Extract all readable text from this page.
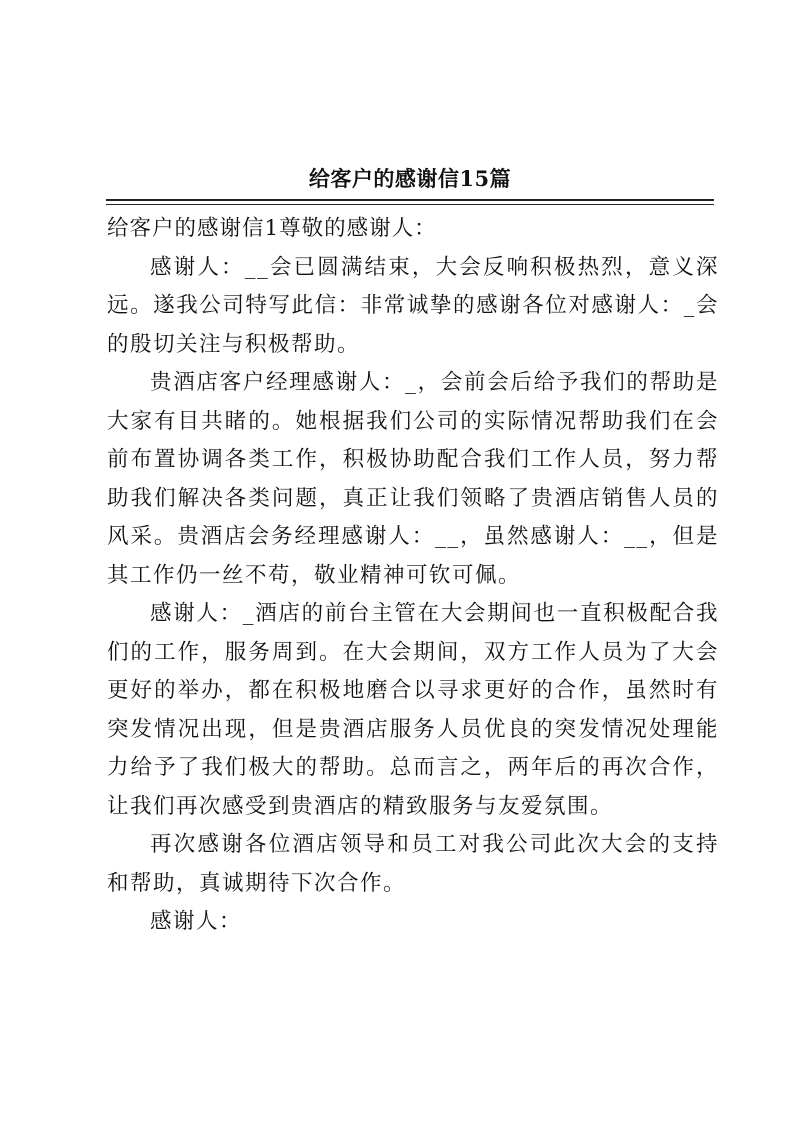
给客户的感谢信15篇

给客户的感谢信1尊敬的感谢人：

感谢人：__会已圆满结束，大会反响积极热烈，意义深远。遂我公司特写此信：非常诚挚的感谢各位对感谢人：_会的殷切关注与积极帮助。

贵酒店客户经理感谢人：_，会前会后给予我们的帮助是大家有目共睹的。她根据我们公司的实际情况帮助我们在会前布置协调各类工作，积极协助配合我们工作人员，努力帮助我们解决各类问题，真正让我们领略了贵酒店销售人员的风采。贵酒店会务经理感谢人：__，虽然感谢人：__，但是其工作仍一丝不苟，敬业精神可钦可佩。

感谢人：_酒店的前台主管在大会期间也一直积极配合我们的工作，服务周到。在大会期间，双方工作人员为了大会更好的举办，都在积极地磨合以寻求更好的合作，虽然时有突发情况出现，但是贵酒店服务人员优良的突发情况处理能力给予了我们极大的帮助。总而言之，两年后的再次合作，让我们再次感受到贵酒店的精致服务与友爱氛围。

再次感谢各位酒店领导和员工对我公司此次大会的支持和帮助，真诚期待下次合作。

感谢人：
